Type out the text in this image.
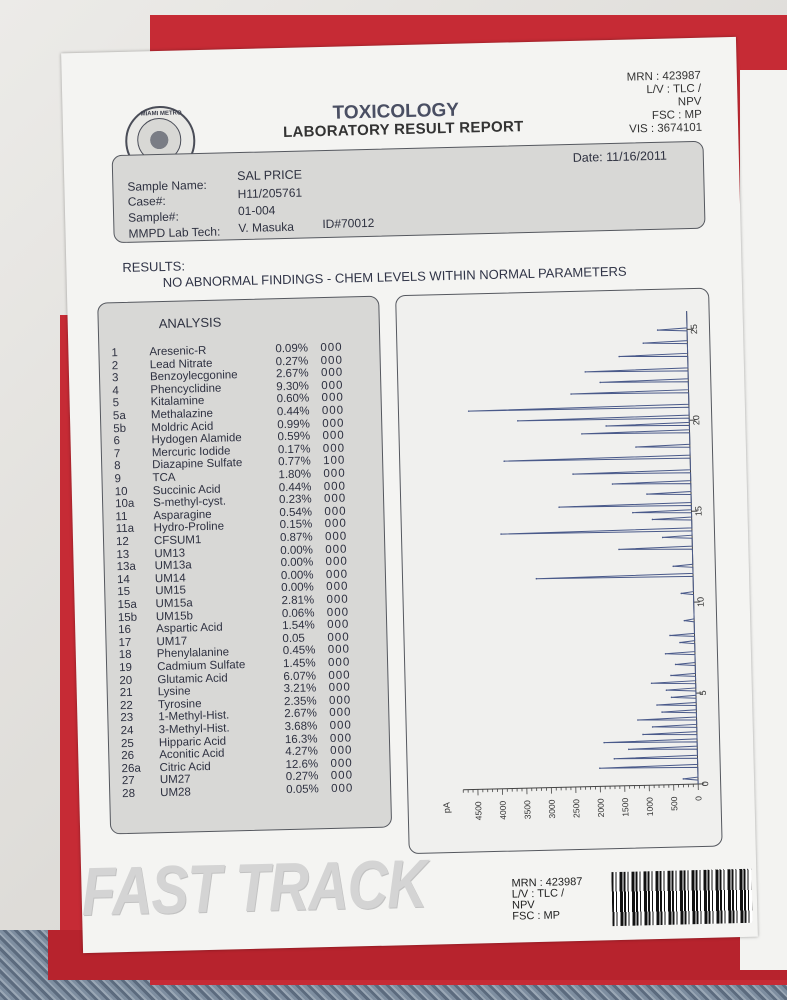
MIAMI METRO	TOXICOLOGY
LABORATORY RESULT REPORT
MRN : 423987
L/V : TLC /
NPV
FSC : MP
VIS : 3674101
Date: 11/16/2011
Sample Name:
SAL PRICE
Case#:
H11/205761
Sample#:	01-004
MMPD Lab Tech: V. Masuka ID#70012
RESULTS:
NO ABNORMAL FINDINGS - CHEM LEVELS WITHIN NORMAL PARAMETERS
ANALYSIS
1	Aresenic-R	0.09% 000
2	Lead Nitrate	0.27% 000
3	Benzoylecgonine	2.67% 000
4	Phencyclidine	9.30% 000
5	Kitalamine	0.60% 000
5a	Methalazine	0.44% 000
5b	Moldric Acid	0.99% 000
6	Hydogen Alamide	0.59% 000
7	Mercuric Iodide	0.17% 000
8	Diazapine Sulfate	0.77% 100
9	TCA	1.80% 000
10	Succinic Acid	0.44% 000
10a	S-methyl-cyst.	0.23% 000
11	Asparagine	0.54% 000
11a	Hydro-Proline	0.15% 000
12	CFSUM1	0.87% 000
13	UM13	0.00% 000
13a	UM13a	0.00% 000
14	UM14	0.00% 000
15	UM15	0.00% 000
15a	UM15a	2.81% 000
15b	UM15b	0.06% 000
16	Aspartic Acid	1.54% 000
17	UM17	0.05 000
18	Phenylalanine	0.45% 000
19	Cadmium Sulfate	1.45% 000
20	Glutamic Acid	6.07% 000
21	Lysine	3.21% 000
22	Tyrosine	2.35% 000
23	1-Methyl-Hist.	2.67% 000
24	3-Methyl-Hist.	3.68% 000
25	Hipparic Acid	16.3% 000
26	Aconitic Acid	4.27% 000
26a	Citric Acid	12.6% 000
27	UM27	0.27% 000
28	UM28	0.05% 000	0
5
10
15
20
25
0
500
1000
1500
2000
2500
3000
3500
4000
4500
pA
FAST TRACK	MRN : 423987
L/V : TLC /
NPV
FSC : MP
